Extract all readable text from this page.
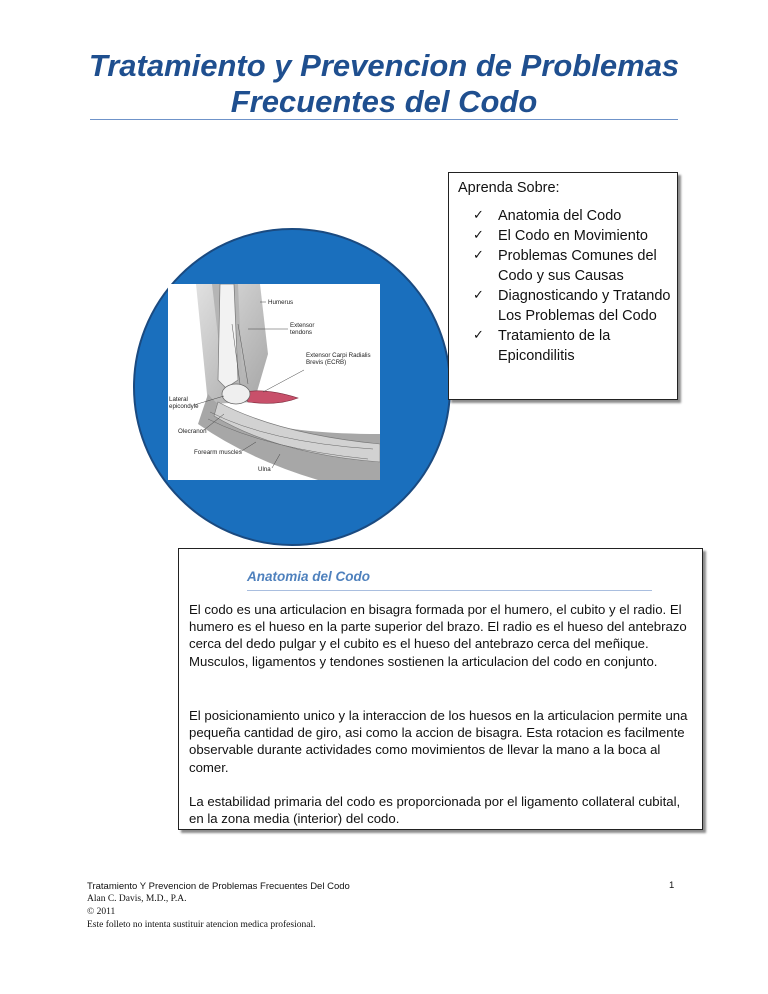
Tratamiento y Prevencion de Problemas Frecuentes del Codo
Humerus
Extensor tendons
Extensor Carpi Radialis Brevis (ECRB)
Lateral epicondyle
Olecranon
Forearm muscles
Ulna
Aprenda Sobre:
✓ Anatomia del Codo
✓ El Codo en Movimiento
✓ Problemas Comunes del Codo y sus Causas
✓ Diagnosticando y Tratando Los Problemas del Codo
✓ Tratamiento de la Epicondilitis
Anatomia del Codo

El codo es una articulacion en bisagra formada por el humero, el cubito y el radio. El humero es el hueso en la parte superior del brazo. El radio es el hueso del antebrazo cerca del dedo pulgar y el cubito es el hueso del antebrazo cerca del meñique. Musculos, ligamentos y tendones sostienen la articulacion del codo en conjunto.

El posicionamiento unico y la interaccion de los huesos en la articulacion permite una pequeña cantidad de giro, asi como la accion de bisagra. Esta rotacion es facilmente observable durante actividades como movimientos de llevar la mano a la boca al comer.

La estabilidad primaria del codo es proporcionada por el ligamento collateral cubital, en la zona media (interior) del codo.

Tratamiento Y Prevencion de Problemas Frecuentes Del Codo
Alan C. Davis, M.D., P.A.
© 2011
Este folleto no intenta sustituir atencion medica profesional.
1
